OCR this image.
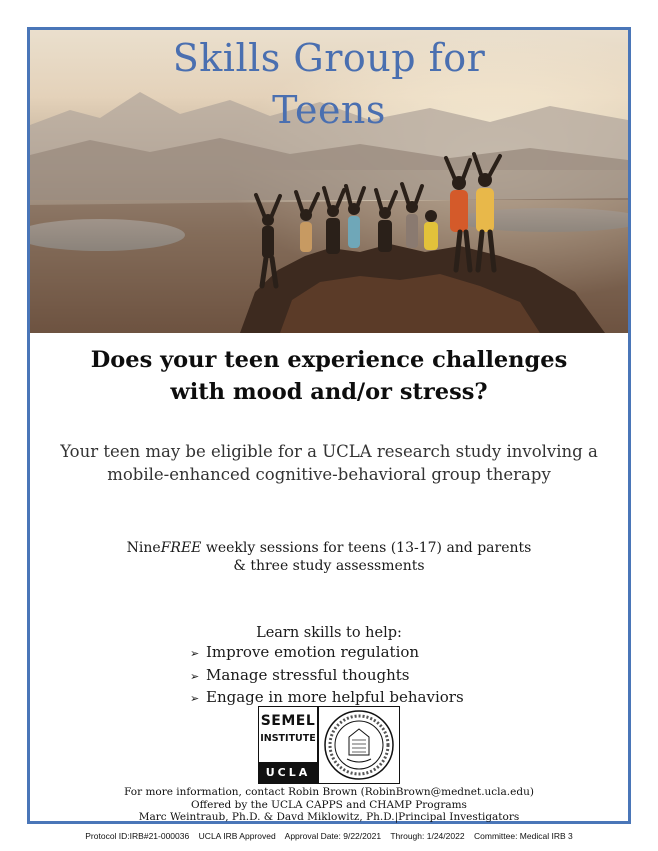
Skills Group for
Teens
Does your teen experience challenges
with mood and/or stress?
Your teen may be eligible for a UCLA research study involving a mobile-enhanced cognitive-behavioral group therapy
NineFREE weekly sessions for teens (13-17) and parents
& three study assessments
Learn skills to help:
➢ Improve emotion regulation
➢ Manage stressful thoughts
➢ Engage in more helpful behaviors
SEMEL
INSTITUTE
UCLA
For more information, contact Robin Brown (RobinBrown@mednet.ucla.edu)
Offered by the UCLA CAPPS and CHAMP Programs
Marc Weintraub, Ph.D. & Davd Miklowitz, Ph.D.|Principal Investigators
Protocol ID:IRB#21-000036    UCLA IRB Approved    Approval Date: 9/22/2021    Through: 1/24/2022    Committee: Medical IRB 3
